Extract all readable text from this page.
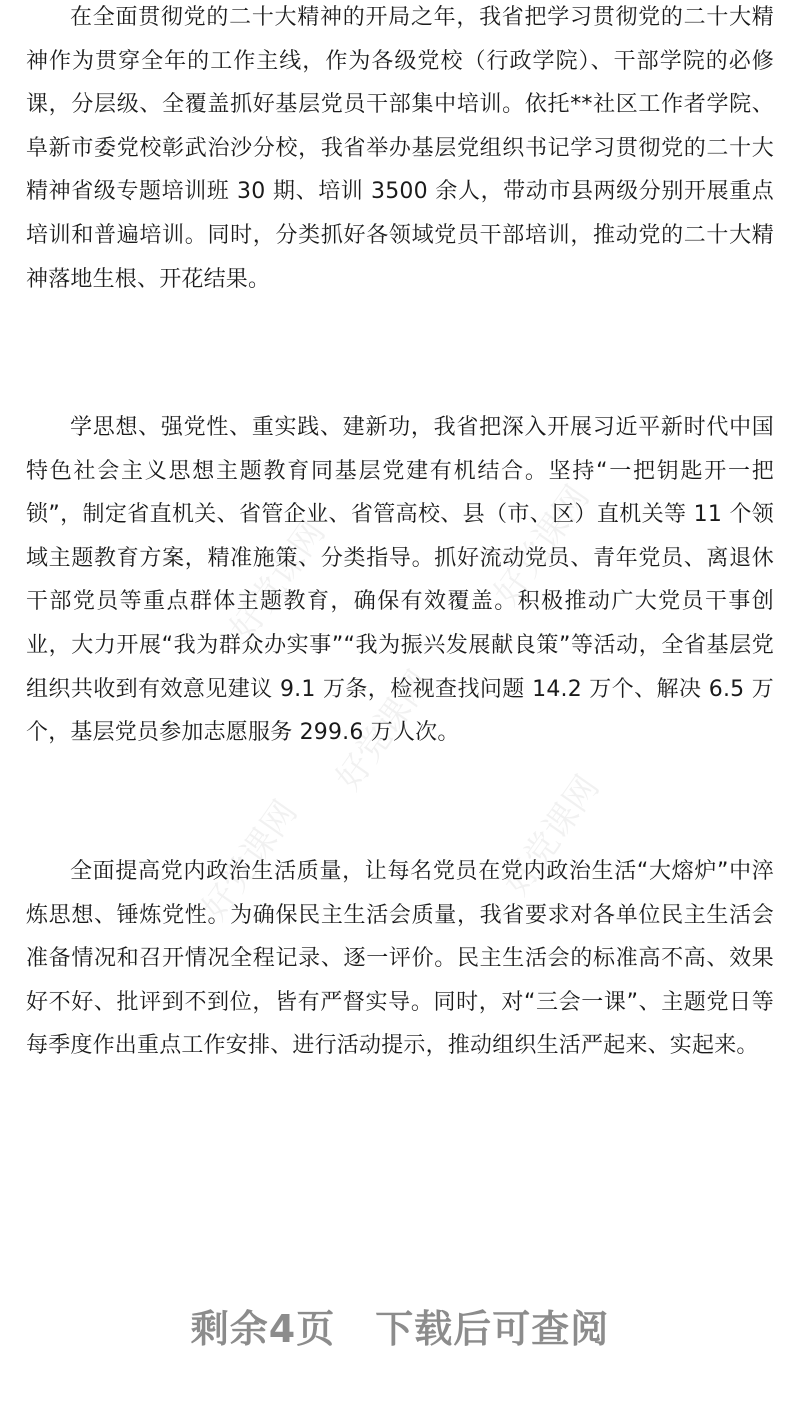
在全面贯彻党的二十大精神的开局之年，我省把学习贯彻党的二十大精神作为贯穿全年的工作主线，作为各级党校（行政学院）、干部学院的必修课，分层级、全覆盖抓好基层党员干部集中培训。依托**社区工作者学院、阜新市委党校彰武治沙分校，我省举办基层党组织书记学习贯彻党的二十大精神省级专题培训班 30 期、培训 3500 余人，带动市县两级分别开展重点培训和普遍培训。同时，分类抓好各领域党员干部培训，推动党的二十大精神落地生根、开花结果。

学思想、强党性、重实践、建新功，我省把深入开展习近平新时代中国特色社会主义思想主题教育同基层党建有机结合。坚持“一把钥匙开一把锁”，制定省直机关、省管企业、省管高校、县（市、区）直机关等 11 个领域主题教育方案，精准施策、分类指导。抓好流动党员、青年党员、离退休干部党员等重点群体主题教育，确保有效覆盖。积极推动广大党员干事创业，大力开展“我为群众办实事”“我为振兴发展献良策”等活动，全省基层党组织共收到有效意见建议 9.1 万条，检视查找问题 14.2 万个、解决 6.5 万个，基层党员参加志愿服务 299.6 万人次。

全面提高党内政治生活质量，让每名党员在党内政治生活“大熔炉”中淬炼思想、锤炼党性。为确保民主生活会质量，我省要求对各单位民主生活会准备情况和召开情况全程记录、逐一评价。民主生活会的标准高不高、效果好不好、批评到不到位，皆有严督实导。同时，对“三会一课”、主题党日等每季度作出重点工作安排、进行活动提示，推动组织生活严起来、实起来。

好党课网	好党课网
好党课网
好党课网	好党课网
剩余4页 下载后可查阅
